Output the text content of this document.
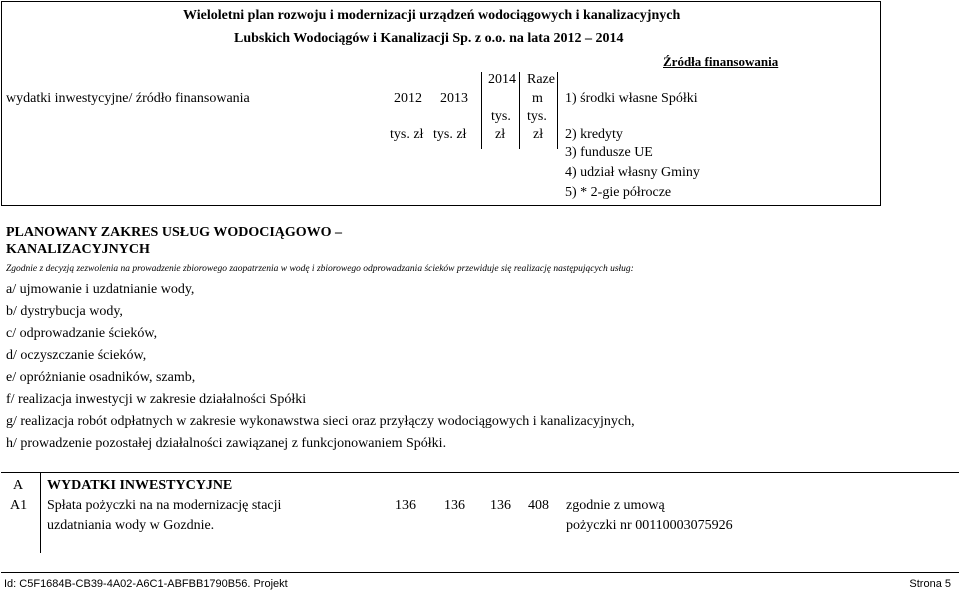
Wieloletni plan rozwoju i modernizacji urządzeń wodociągowych i kanalizacyjnych
Lubskich Wodociągów i Kanalizacji Sp. z o.o. na lata 2012 – 2014
Źródła finansowania
wydatki inwestycyjne/ źródło finansowania	2012 2013
2014 Raze
m
tys. zł tys. zł
tys.
zł
tys.
zł
1) środki własne Spółki
2) kredyty
3) fundusze UE
4) udział własny Gminy
5) * 2-gie półrocze
PLANOWANY ZAKRES USŁUG WODOCIĄGOWO –
KANALIZACYJNYCH
Zgodnie z decyzją zezwolenia na prowadzenie zbiorowego zaopatrzenia w wodę i zbiorowego odprowadzania ścieków przewiduje się realizację następujących usług:
a/ ujmowanie i uzdatnianie wody,
b/ dystrybucja wody,
c/ odprowadzanie ścieków,
d/ oczyszczanie ścieków,
e/ opróżnianie osadników, szamb,
f/ realizacja inwestycji w zakresie działalności Spółki
g/ realizacja robót odpłatnych w zakresie wykonawstwa sieci oraz przyłączy wodociągowych i kanalizacyjnych,
h/ prowadzenie pozostałej działalności zawiązanej z funkcjonowaniem Spółki.
A WYDATKI INWESTYCYJNE
A1 Spłata pożyczki na na modernizację stacji
uzdatniania wody w Gozdnie.
136 136 136 408 zgodnie z umową
pożyczki nr 00110003075926
Id: C5F1684B-CB39-4A02-A6C1-ABFBB1790B56. Projekt	Strona 5
